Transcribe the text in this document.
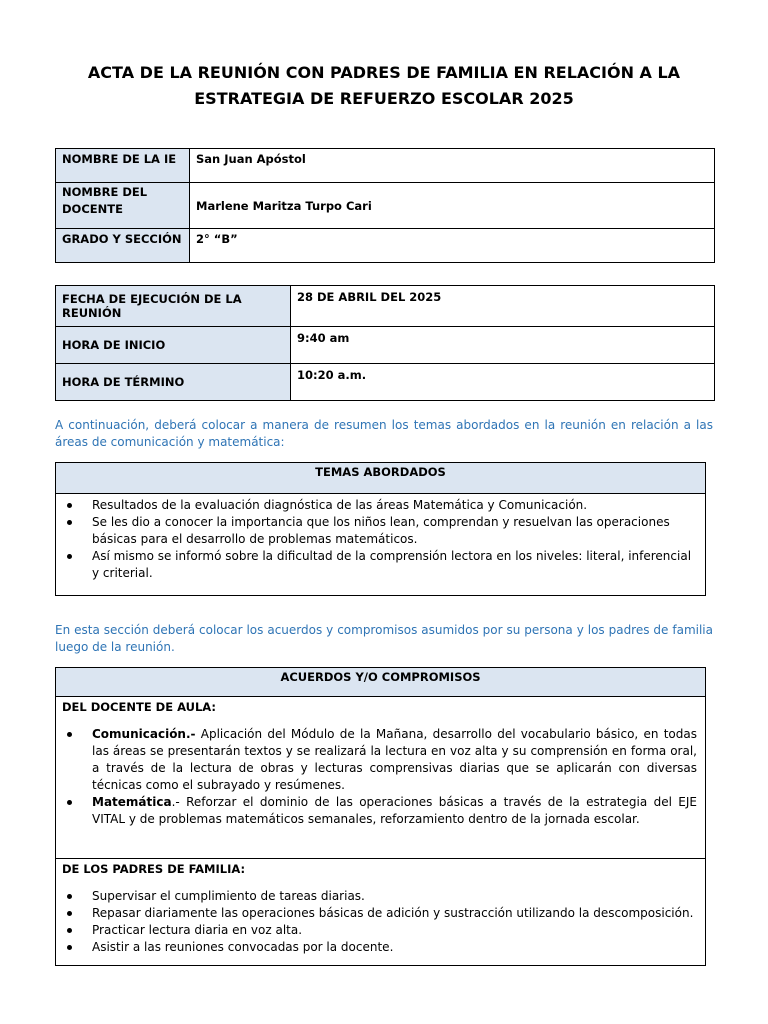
ACTA DE LA REUNIÓN CON PADRES DE FAMILIA EN RELACIÓN A LA
ESTRATEGIA DE REFUERZO ESCOLAR 2025
NOMBRE DE LA IE	San Juan Apóstol

NOMBRE DEL
DOCENTE	Marlene Maritza Turpo Cari
GRADO Y SECCIÓN	2° “B”
FECHA DE EJECUCIÓN DE LA REUNIÓN	28 DE ABRIL DEL 2025
HORA DE INICIO	9:40 am
HORA DE TÉRMINO	10:20 a.m.
A continuación, deberá colocar a manera de resumen los temas abordados en la reunión en relación a las áreas de comunicación y matemática:
TEMAS ABORDADOS
Resultados de la evaluación diagnóstica de las áreas Matemática y Comunicación.
Se les dio a conocer la importancia que los niños lean, comprendan y resuelvan las operaciones básicas para el desarrollo de problemas matemáticos.
Así mismo se informó sobre la dificultad de la comprensión lectora en los niveles: literal, inferencial y criterial.
En esta sección deberá colocar los acuerdos y compromisos asumidos por su persona y los padres de familia luego de la reunión.
ACUERDOS Y/O COMPROMISOS
DEL DOCENTE DE AULA:
Comunicación.- Aplicación del Módulo de la Mañana, desarrollo del vocabulario básico, en todas las áreas se presentarán textos y se realizará la lectura en voz alta y su comprensión en forma oral, a través de la lectura de obras y lecturas comprensivas diarias que se aplicarán con diversas técnicas como el subrayado y resúmenes.
Matemática.- Reforzar el dominio de las operaciones básicas a través de la estrategia del EJE VITAL y de problemas matemáticos semanales, reforzamiento dentro de la jornada escolar.
DE LOS PADRES DE FAMILIA:
Supervisar el cumplimiento de tareas diarias.
Repasar diariamente las operaciones básicas de adición y sustracción utilizando la descomposición.
Practicar lectura diaria en voz alta.
Asistir a las reuniones convocadas por la docente.
